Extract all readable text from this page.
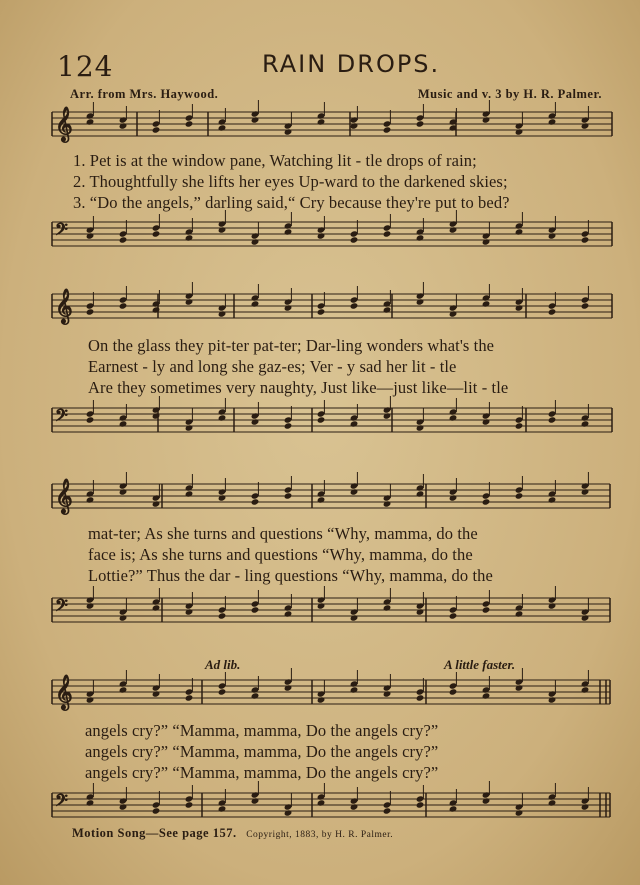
124	RAIN DROPS.
Arr. from Mrs. Haywood.	Music and v. 3 by H. R. Palmer.
𝄞
𝄢
𝄞
𝄢
𝄞
𝄢
𝄞
𝄢
1. Pet is at the window pane, Watching lit - tle drops of rain;
2. Thoughtfully she lifts her eyes Up-ward to the darkened skies;
3. “Do the angels,” darling said,“ Cry because they're put to bed?
On the glass they pit-ter pat-ter; Dar-ling wonders what's the
Earnest - ly and long she gaz-es; Ver - y sad her lit - tle
Are they sometimes very naughty, Just like—just like—lit - tle
mat-ter; As she turns and questions “Why, mamma, do the
face is; As she turns and questions “Why, mamma, do the
Lottie?” Thus the dar - ling questions “Why, mamma, do the
Ad lib.	A little faster.
angels cry?” “Mamma, mamma, Do the angels cry?”
angels cry?” “Mamma, mamma, Do the angels cry?”
angels cry?” “Mamma, mamma, Do the angels cry?”
Motion Song—See page 157. Copyright, 1883, by H. R. Palmer.
